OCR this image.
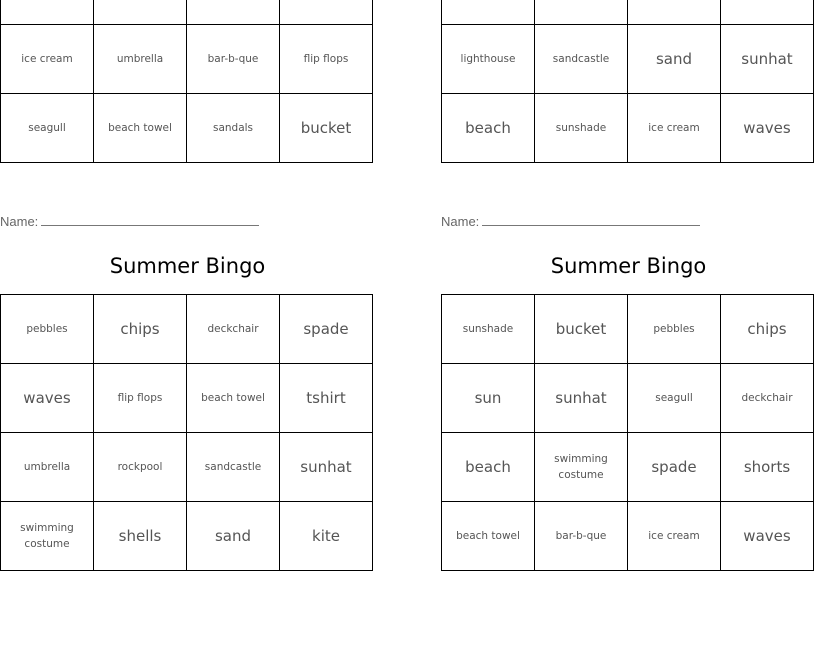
ice cream	umbrella	bar-b-que	flip flops
seagull	beach towel	sandals	bucket

lighthouse	sandcastle	sand	sunhat
beach	sunshade	ice cream	waves
Name:
Summer Bingo
pebbles	chips	deckchair	spade
waves	flip flops	beach towel	tshirt
umbrella	rockpool	sandcastle	sunhat
swimming costume	shells	sand	kite
Name:
Summer Bingo
sunshade	bucket	pebbles	chips
sun	sunhat	seagull	deckchair
beach	swimming costume	spade	shorts
beach towel	bar-b-que	ice cream	waves
